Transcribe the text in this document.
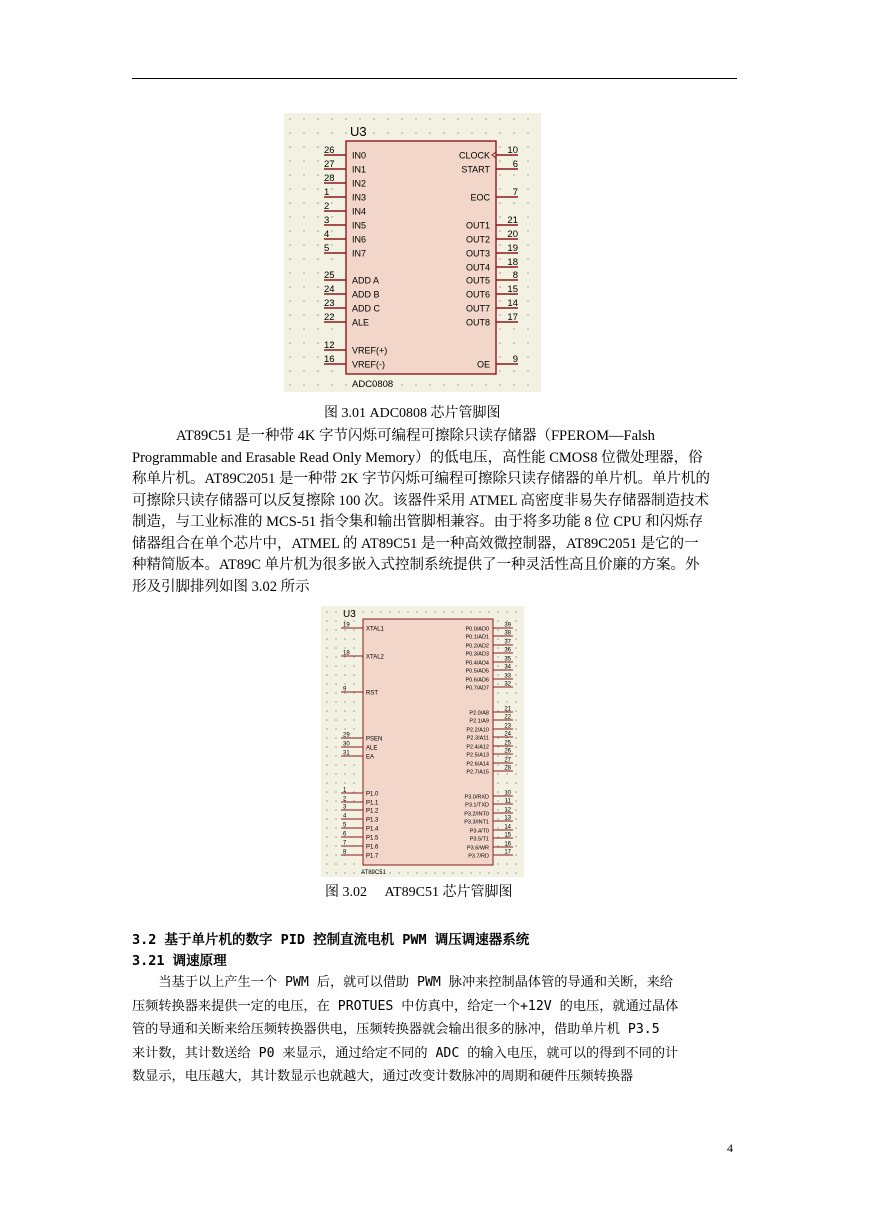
U3
ADC0808
26 IN0
27 IN1
28 IN2
1	IN3
2	IN4
3	IN5
4	IN6
5	IN7
25 ADD A
24 ADD B
23 ADD C
22 ALE
12 VREF(+)
16 VREF(-)
10
CLOCK
6
START
7
EOC
21
OUT1
20
OUT2
19
OUT3
18
OUT4
8
OUT5
15
OUT6
14
OUT7
17
OUT8
9
OE
图 3.01 ADC0808 芯片管脚图
AT89C51 是一种带 4K 字节闪烁可编程可擦除只读存储器（FPEROM—Falsh
Programmable and Erasable Read Only Memory）的低电压，高性能 CMOS8 位微处理器，俗
称单片机。AT89C2051 是一种带 2K 字节闪烁可编程可擦除只读存储器的单片机。单片机的
可擦除只读存储器可以反复擦除 100 次。该器件采用 ATMEL 高密度非易失存储器制造技术
制造，与工业标准的 MCS-51 指令集和输出管脚相兼容。由于将多功能 8 位 CPU 和闪烁存
储器组合在单个芯片中，ATMEL 的 AT89C51 是一种高效微控制器，AT89C2051 是它的一
种精简版本。AT89C 单片机为很多嵌入式控制系统提供了一种灵活性高且价廉的方案。外
形及引脚排列如图 3.02 所示
U3
AT89C51
19
XTAL1
18
XTAL2
9
RST
29
PSEN
30
ALE
31
EA
1
P1.0
2
P1.1
3
P1.2
4
P1.3
5
P1.4
6
P1.5
7
P1.6
8
P1.7
39
P0.0/AD0
38
P0.1/AD1
37
P0.2/AD2
36
P0.3/AD3
35
P0.4/AD4
34
P0.5/AD5
33
P0.6/AD6
32
P0.7/AD7
21
P2.0/A8
22
P2.1/A9
23
P2.2/A10
24
P2.3/A11
25
P2.4/A12
26
P2.5/A13
27
P2.6/A14
28
P2.7/A15
10
P3.0/RXD
11
P3.1/TXD
12
P3.2/INT0
13
P3.3/INT1
14
P3.4/T0
15
P3.5/T1
16
P3.6/WR
17
P3.7/RD
图 3.02 　AT89C51 芯片管脚图
3.2 基于单片机的数字 PID 控制直流电机 PWM 调压调速器系统
3.21 调速原理
　　当基于以上产生一个 PWM 后，就可以借助 PWM 脉冲来控制晶体管的导通和关断，来给
压频转换器来提供一定的电压，在 PROTUES 中仿真中，给定一个+12V 的电压，就通过晶体
管的导通和关断来给压频转换器供电，压频转换器就会输出很多的脉冲，借助单片机 P3.5
来计数，其计数送给 P0 来显示，通过给定不同的 ADC 的输入电压，就可以的得到不同的计
数显示，电压越大，其计数显示也就越大，通过改变计数脉冲的周期和硬件压频转换器
4
